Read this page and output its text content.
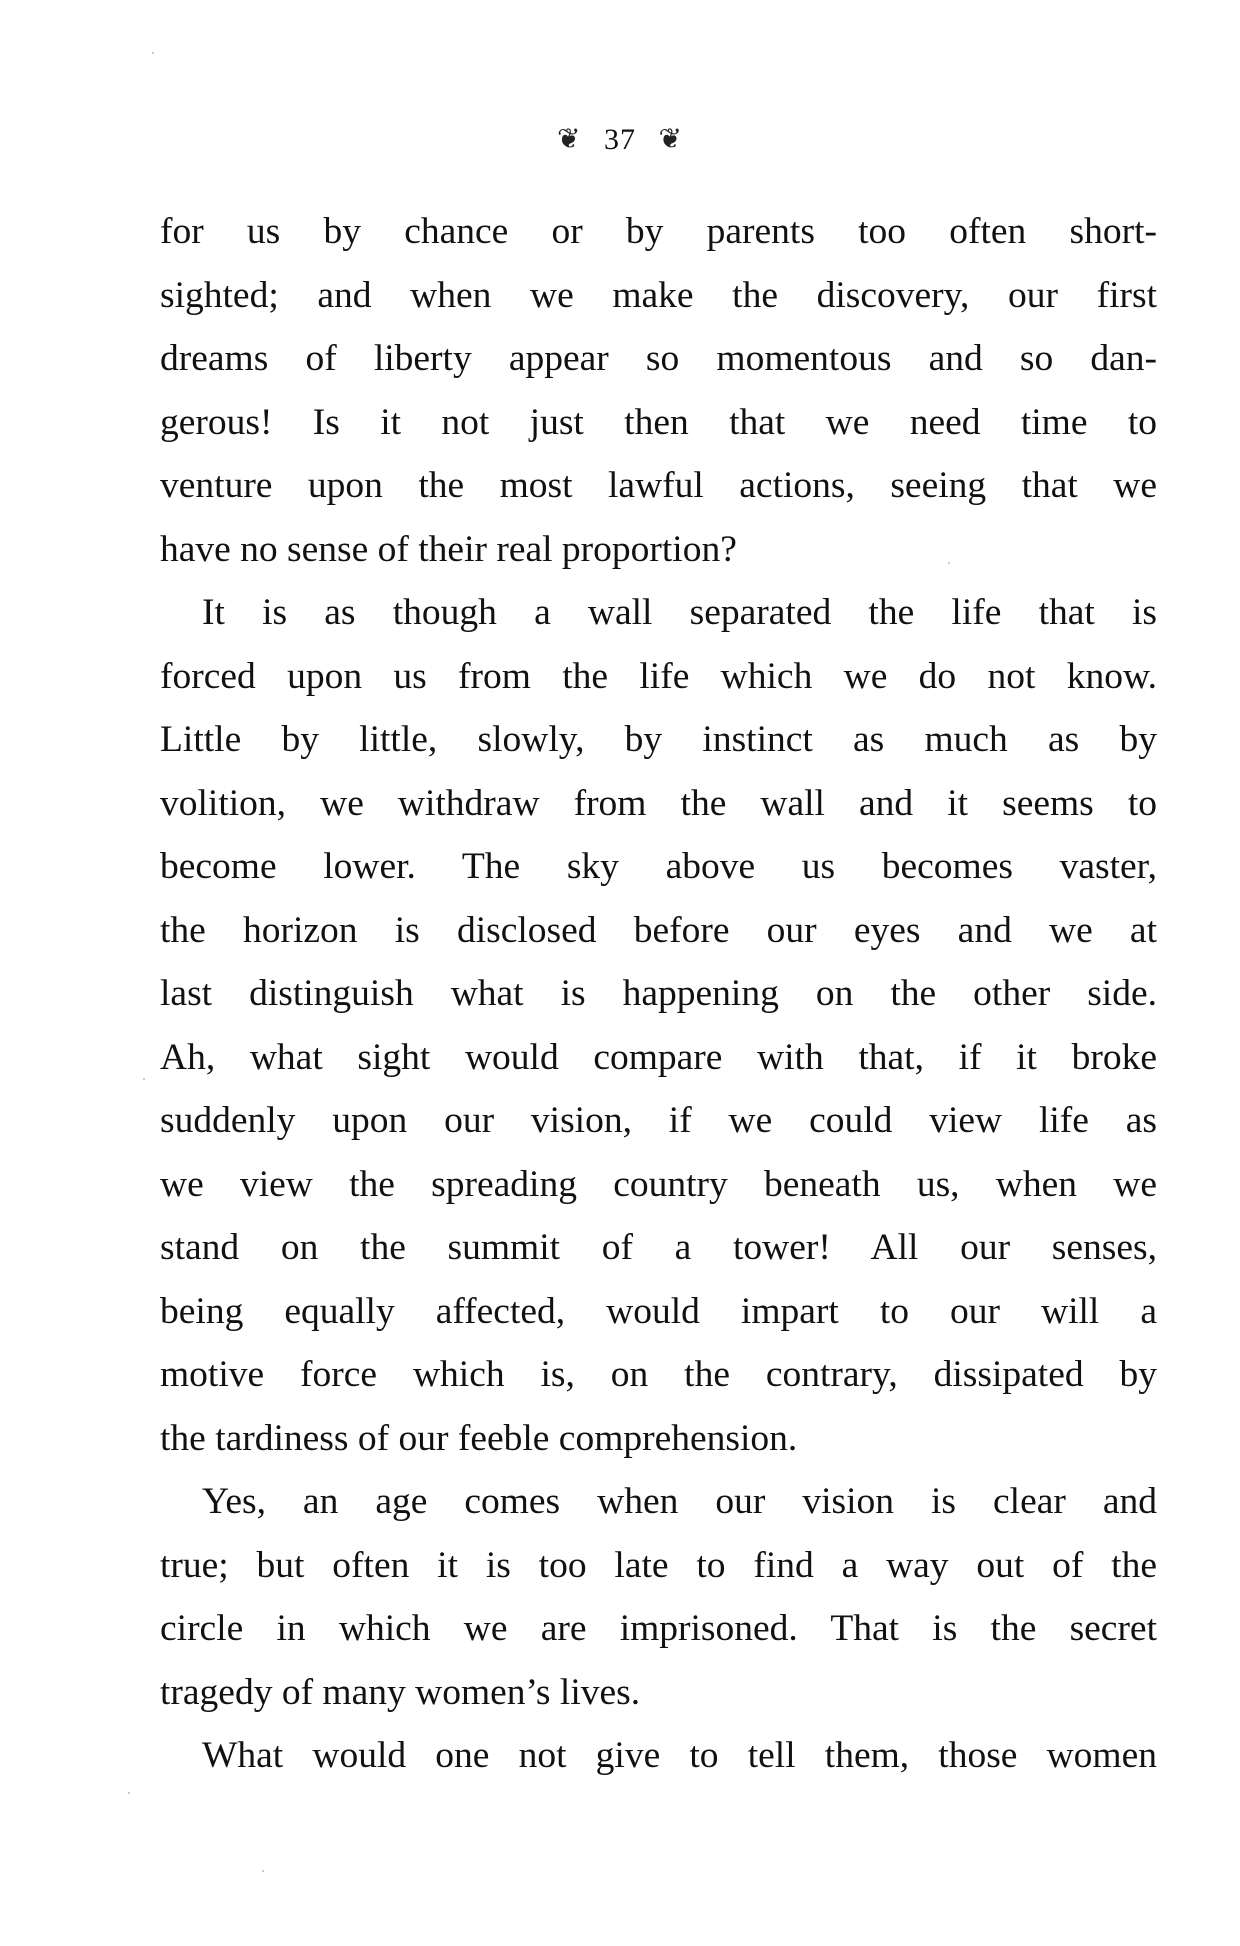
❦ 37 ❦
for us by chance or by parents too often short-
sighted; and when we make the discovery, our first
dreams of liberty appear so momentous and so dan-
gerous! Is it not just then that we need time to
venture upon the most lawful actions, seeing that we
have no sense of their real proportion?
It is as though a wall separated the life that is
forced upon us from the life which we do not know.
Little by little, slowly, by instinct as much as by
volition, we withdraw from the wall and it seems to
become lower. The sky above us becomes vaster,
the horizon is disclosed before our eyes and we at
last distinguish what is happening on the other side.
Ah, what sight would compare with that, if it broke
suddenly upon our vision, if we could view life as
we view the spreading country beneath us, when we
stand on the summit of a tower! All our senses,
being equally affected, would impart to our will a
motive force which is, on the contrary, dissipated by
the tardiness of our feeble comprehension.
Yes, an age comes when our vision is clear and
true; but often it is too late to find a way out of the
circle in which we are imprisoned. That is the secret
tragedy of many women’s lives.
What would one not give to tell them, those women
